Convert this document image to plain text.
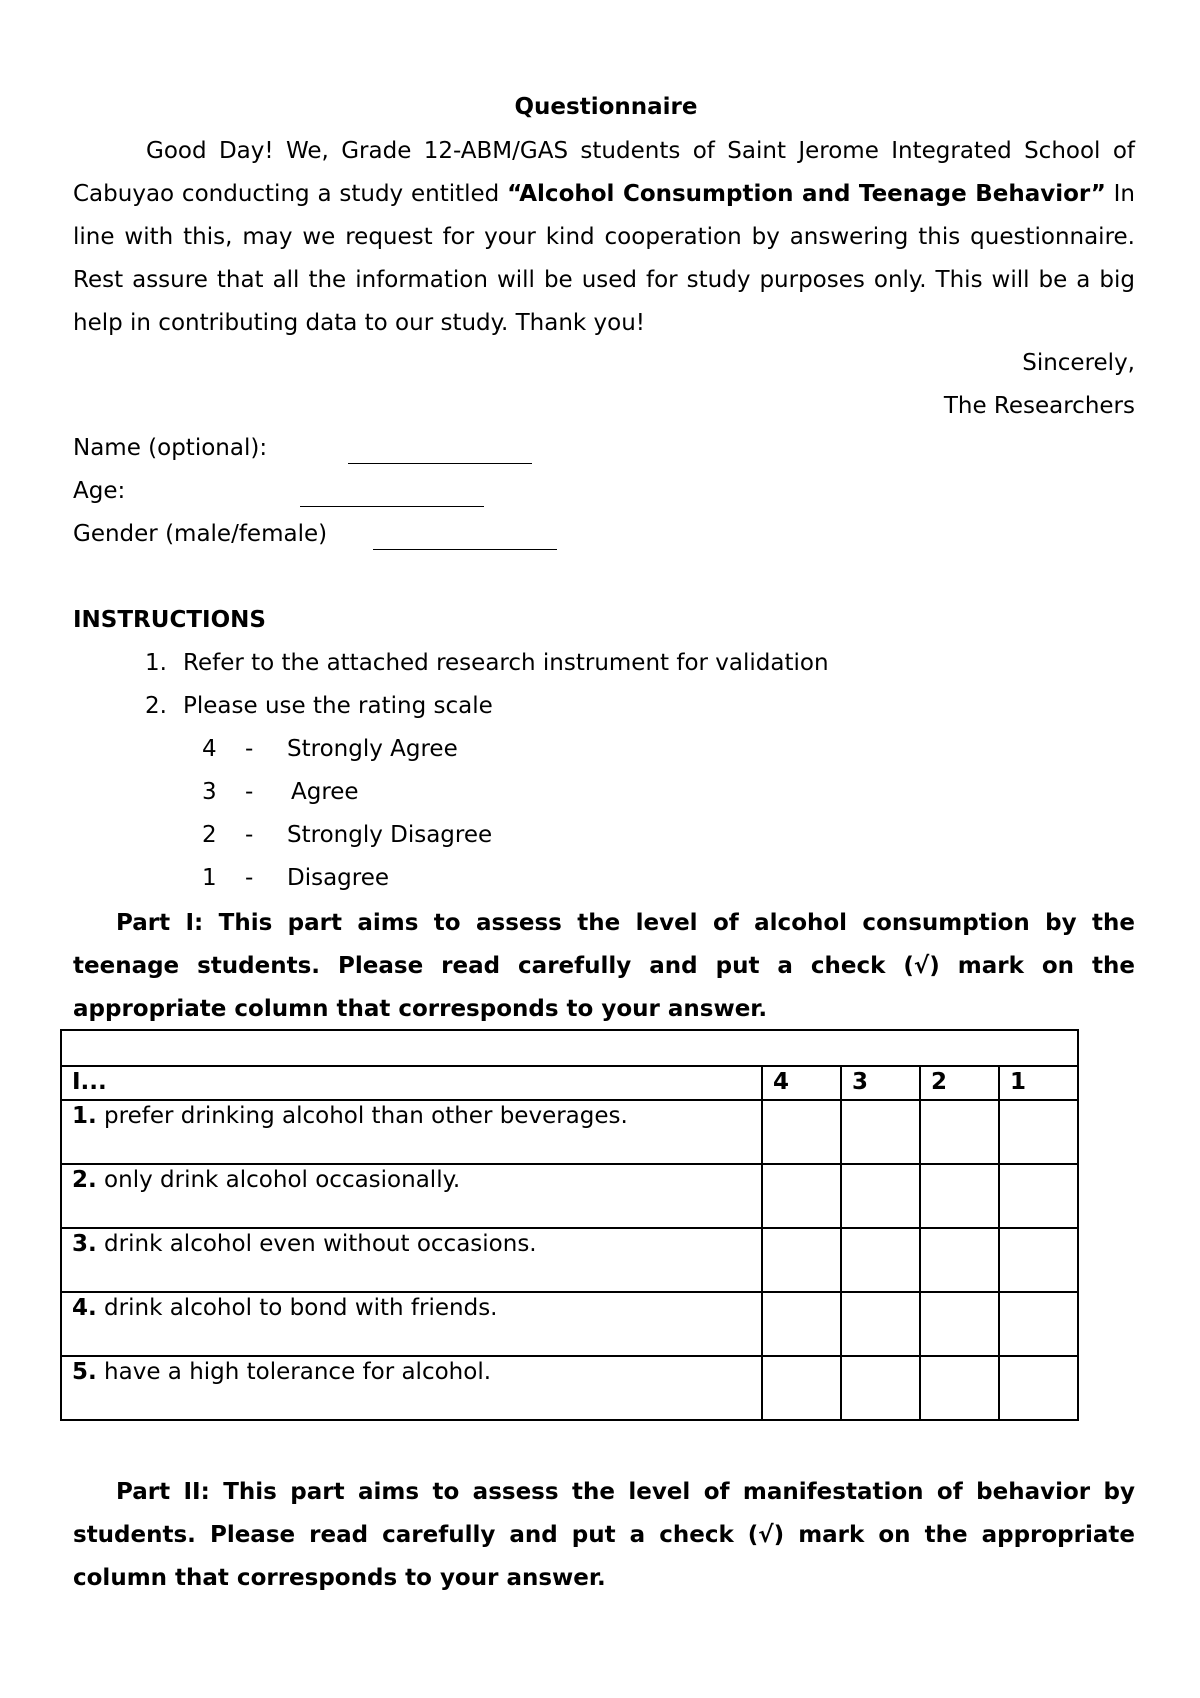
Questionnaire

Good Day! We, Grade 12-ABM/GAS students of Saint Jerome Integrated School of Cabuyao conducting a study entitled “Alcohol Consumption and Teenage Behavior” In line with this, may we request for your kind cooperation by answering this questionnaire. Rest assure that all the information will be used for study purposes only. This will be a big help in contributing data to our study. Thank you!

Sincerely,
The Researchers
Name (optional):
Age:
Gender (male/female)
INSTRUCTIONS
1. Refer to the attached research instrument for validation
2. Please use the rating scale
4 - Strongly Agree
3 - Agree
2 - Strongly Disagree
1 - Disagree

Part I: This part aims to assess the level of alcohol consumption by the teenage students. Please read carefully and put a check (√) mark on the appropriate column that corresponds to your answer.

I...	4	3	2	1
1. prefer drinking alcohol than other beverages.				
2. only drink alcohol occasionally.				
3. drink alcohol even without occasions.				
4. drink alcohol to bond with friends.				
5. have a high tolerance for alcohol.				

Part II: This part aims to assess the level of manifestation of behavior by students. Please read carefully and put a check (√) mark on the appropriate column that corresponds to your answer.
